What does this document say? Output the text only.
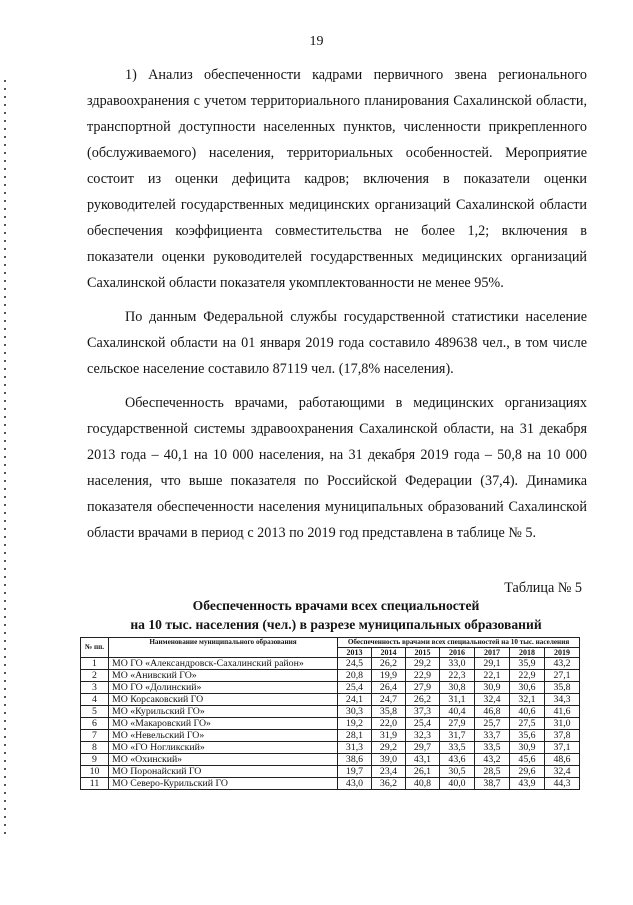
19

1) Анализ обеспеченности кадрами первичного звена регионального здравоохранения с учетом территориального планирования Сахалинской области, транспортной доступности населенных пунктов, численности прикрепленного (обслуживаемого) населения, территориальных особенностей. Мероприятие состоит из оценки дефицита кадров; включения в показатели оценки руководителей государственных медицинских организаций Сахалинской области обеспечения коэффициента совместительства не более 1,2; включения в показатели оценки руководителей государственных медицинских организаций Сахалинской области показателя укомплектованности не менее 95%.

По данным Федеральной службы государственной статистики население Сахалинской области на 01 января 2019 года составило 489638 чел., в том числе сельское население составило 87119 чел. (17,8% населения).

Обеспеченность врачами, работающими в медицинских организациях государственной системы здравоохранения Сахалинской области, на 31 декабря 2013 года – 40,1 на 10 000 населения, на 31 декабря 2019 года – 50,8 на 10 000 населения, что выше показателя по Российской Федерации (37,4). Динамика показателя обеспеченности населения муниципальных образований Сахалинской области врачами в период с 2013 по 2019 год представлена в таблице № 5.

Таблица № 5
Обеспеченность врачами всех специальностей
на 10 тыс. населения (чел.) в разрезе муниципальных образований
№ пп.	Наименование муниципального образования	Обеспеченность врачами всех специальностей на 10 тыс. населения						
		2013	2014	2015	2016	2017	2018	2019
1	МО ГО «Александровск-Сахалинский район»	24,5	26,2	29,2	33,0	29,1	35,9	43,2
2	МО «Анивский ГО»	20,8	19,9	22,9	22,3	22,1	22,9	27,1
3	МО ГО «Долинский»	25,4	26,4	27,9	30,8	30,9	30,6	35,8
4	МО Корсаковский ГО	24,1	24,7	26,2	31,1	32,4	32,1	34,3
5	МО «Курильский ГО»	30,3	35,8	37,3	40,4	46,8	40,6	41,6
6	МО «Макаровский ГО»	19,2	22,0	25,4	27,9	25,7	27,5	31,0
7	МО «Невельский ГО»	28,1	31,9	32,3	31,7	33,7	35,6	37,8
8	МО «ГО Ногликский»	31,3	29,2	29,7	33,5	33,5	30,9	37,1
9	МО «Охинский»	38,6	39,0	43,1	43,6	43,2	45,6	48,6
10	МО Поронайский ГО	19,7	23,4	26,1	30,5	28,5	29,6	32,4
11	МО Северо-Курильский ГО	43,0	36,2	40,8	40,0	38,7	43,9	44,3
